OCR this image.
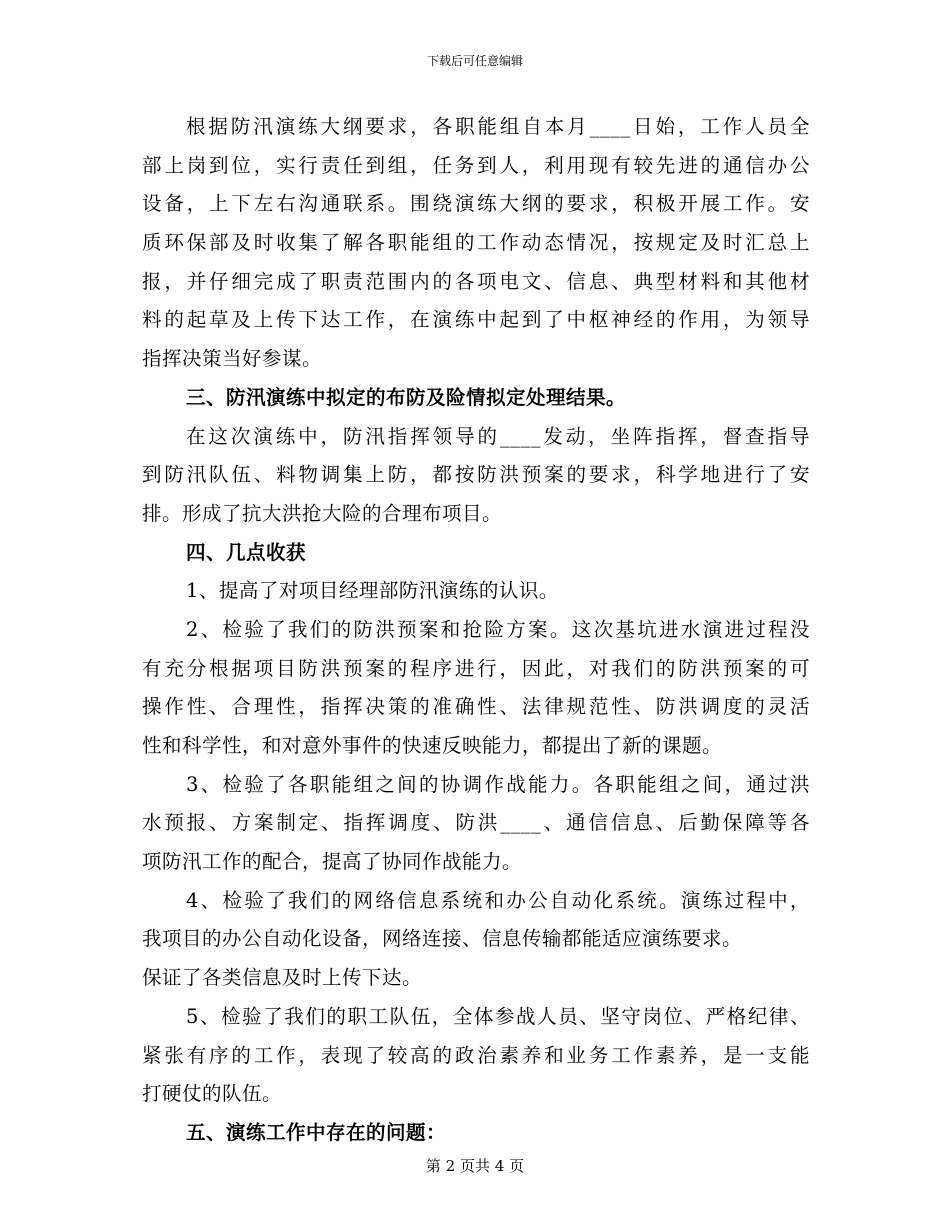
下载后可任意编辑
根据防汛演练大纲要求，各职能组自本月____日始，工作人员全
部上岗到位，实行责任到组，任务到人，利用现有较先进的通信办公
设备，上下左右沟通联系。围绕演练大纲的要求，积极开展工作。安
质环保部及时收集了解各职能组的工作动态情况，按规定及时汇总上
报，并仔细完成了职责范围内的各项电文、信息、典型材料和其他材
料的起草及上传下达工作，在演练中起到了中枢神经的作用，为领导
指挥决策当好参谋。
三、防汛演练中拟定的布防及险情拟定处理结果。
在这次演练中，防汛指挥领导的____发动，坐阵指挥，督查指导
到防汛队伍、料物调集上防，都按防洪预案的要求，科学地进行了安
排。形成了抗大洪抢大险的合理布项目。
四、几点收获
1、提高了对项目经理部防汛演练的认识。
2、检验了我们的防洪预案和抢险方案。这次基坑进水演进过程没
有充分根据项目防洪预案的程序进行，因此，对我们的防洪预案的可
操作性、合理性，指挥决策的准确性、法律规范性、防洪调度的灵活
性和科学性，和对意外事件的快速反映能力，都提出了新的课题。
3、检验了各职能组之间的协调作战能力。各职能组之间，通过洪
水预报、方案制定、指挥调度、防洪____、通信信息、后勤保障等各
项防汛工作的配合，提高了协同作战能力。
4、检验了我们的网络信息系统和办公自动化系统。演练过程中，
我项目的办公自动化设备，网络连接、信息传输都能适应演练要求。
保证了各类信息及时上传下达。
5、检验了我们的职工队伍，全体参战人员、坚守岗位、严格纪律、
紧张有序的工作，表现了较高的政治素养和业务工作素养，是一支能
打硬仗的队伍。
五、演练工作中存在的问题：
第 2 页共 4 页
